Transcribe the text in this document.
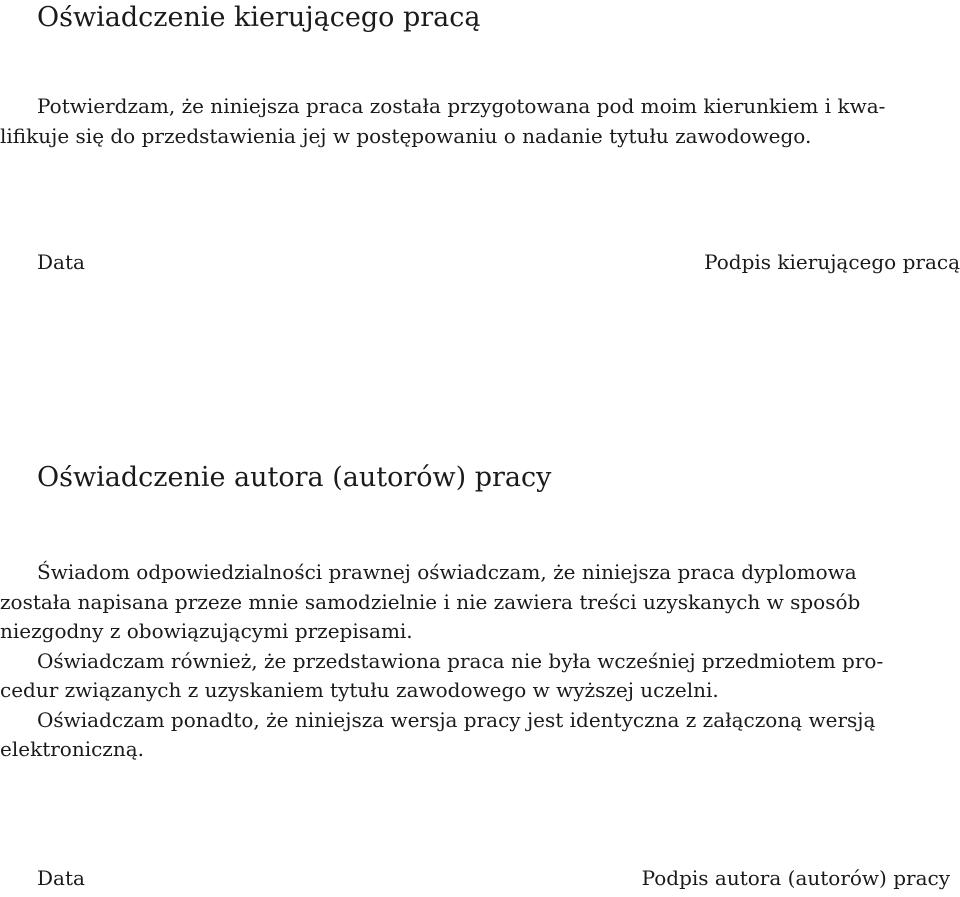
Oświadczenie kierującego pracą
Potwierdzam, że niniejsza praca została przygotowana pod moim kierunkiem i kwa-
lifikuje się do przedstawienia jej w postępowaniu o nadanie tytułu zawodowego.
Data	Podpis kierującego pracą
Oświadczenie autora (autorów) pracy
Świadom odpowiedzialności prawnej oświadczam, że niniejsza praca dyplomowa
została napisana przeze mnie samodzielnie i nie zawiera treści uzyskanych w sposób
niezgodny z obowiązującymi przepisami.
Oświadczam również, że przedstawiona praca nie była wcześniej przedmiotem pro-
cedur związanych z uzyskaniem tytułu zawodowego w wyższej uczelni.
Oświadczam ponadto, że niniejsza wersja pracy jest identyczna z załączoną wersją
elektroniczną.
Data	Podpis autora (autorów) pracy
